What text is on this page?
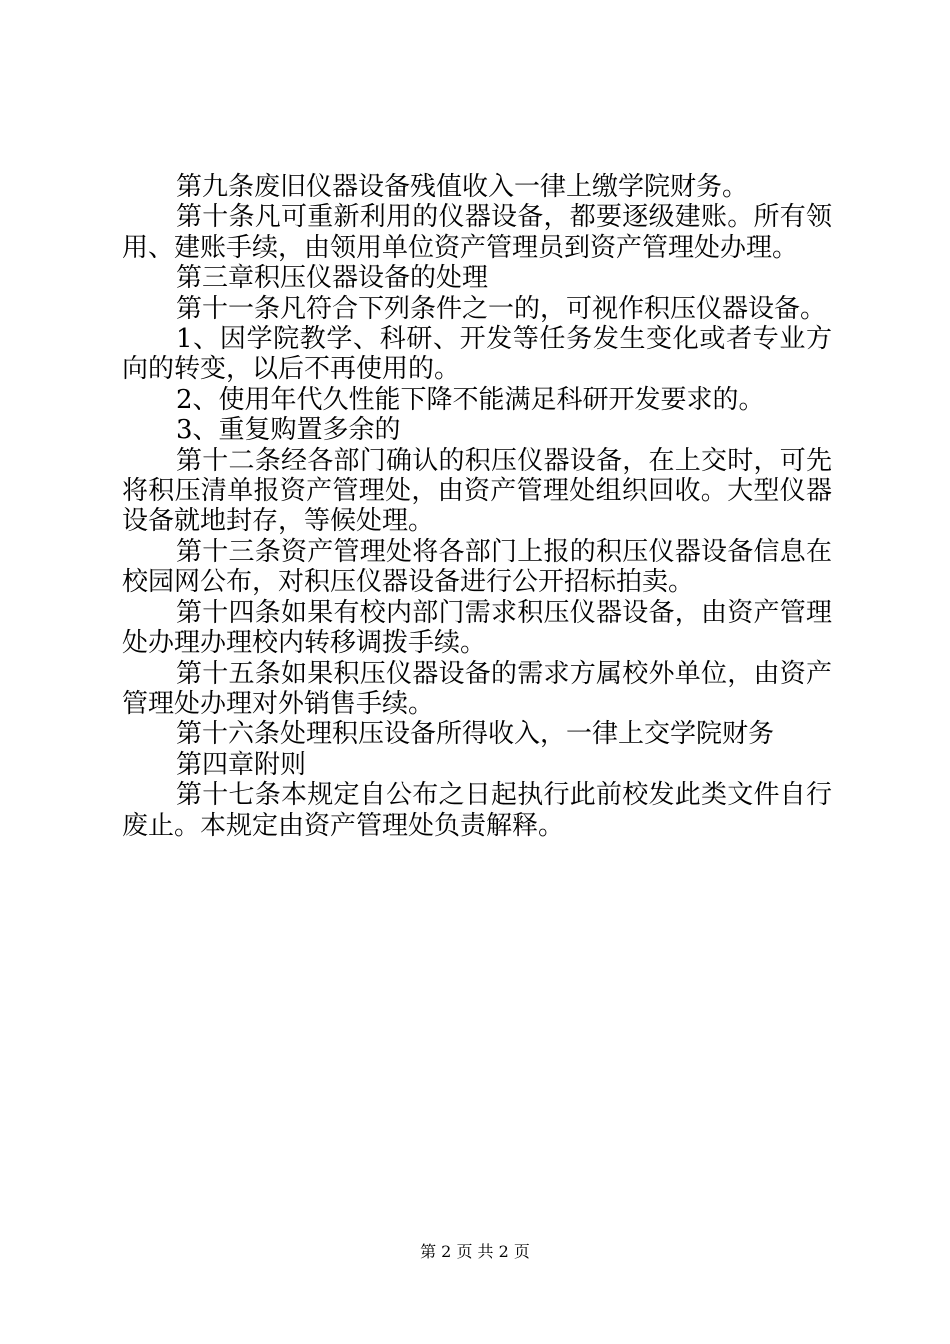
第九条废旧仪器设备残值收入一律上缴学院财务。

第十条凡可重新利用的仪器设备，都要逐级建账。所有领用、建账手续，由领用单位资产管理员到资产管理处办理。

第三章积压仪器设备的处理

第十一条凡符合下列条件之一的，可视作积压仪器设备。

1、因学院教学、科研、开发等任务发生变化或者专业方向的转变，以后不再使用的。

2、使用年代久性能下降不能满足科研开发要求的。

3、重复购置多余的

第十二条经各部门确认的积压仪器设备，在上交时，可先将积压清单报资产管理处，由资产管理处组织回收。大型仪器设备就地封存，等候处理。

第十三条资产管理处将各部门上报的积压仪器设备信息在校园网公布，对积压仪器设备进行公开招标拍卖。

第十四条如果有校内部门需求积压仪器设备，由资产管理处办理办理校内转移调拨手续。

第十五条如果积压仪器设备的需求方属校外单位，由资产管理处办理对外销售手续。

第十六条处理积压设备所得收入，一律上交学院财务

第四章附则

第十七条本规定自公布之日起执行此前校发此类文件自行废止。本规定由资产管理处负责解释。

第 2 页 共 2 页
